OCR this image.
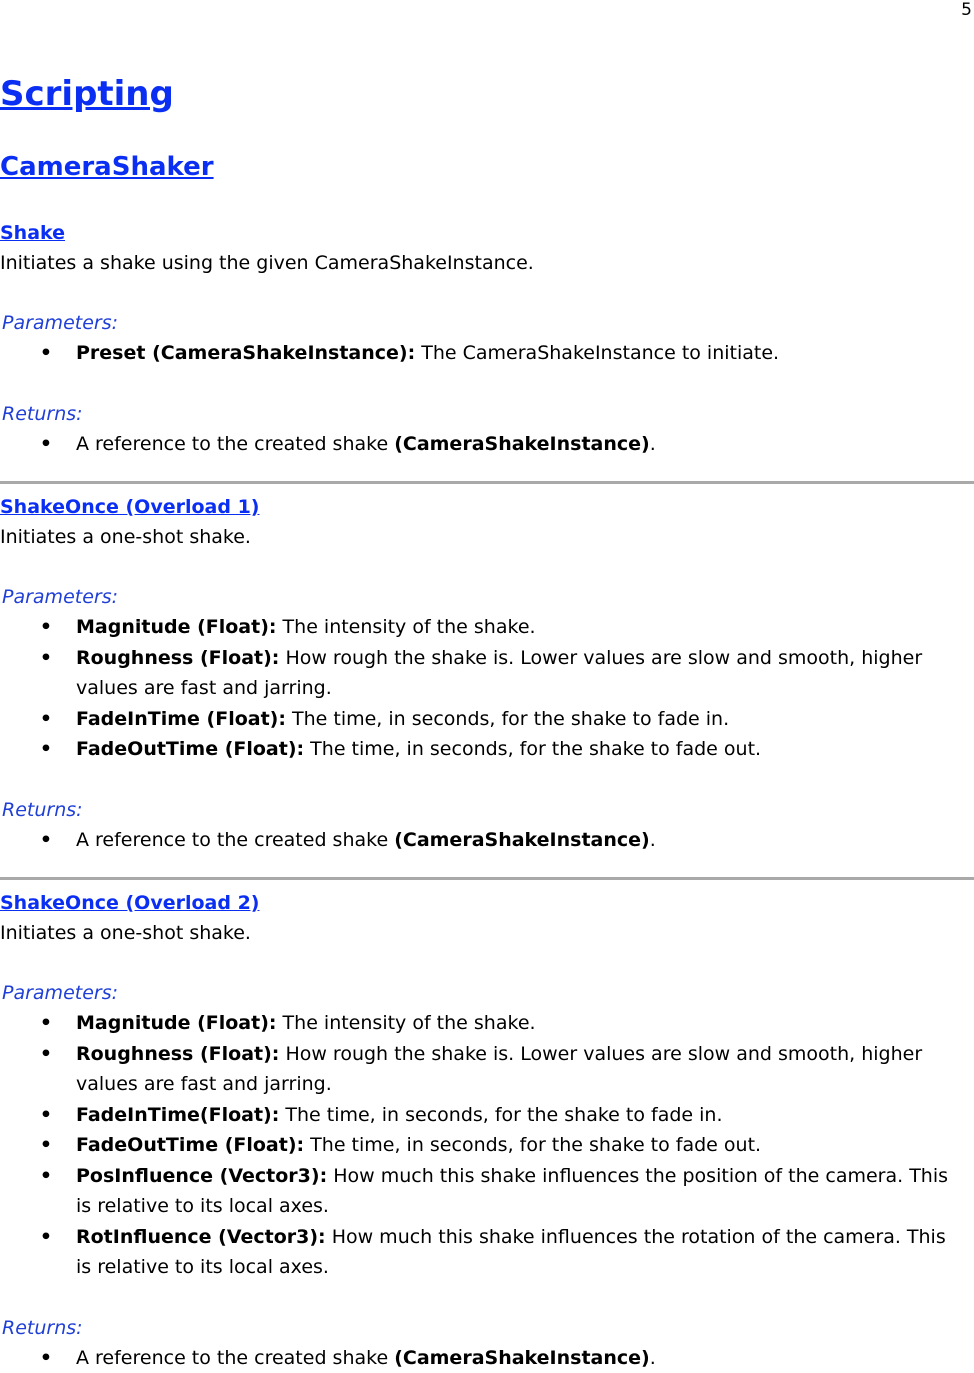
5
Scripting
CameraShaker
Shake

Initiates a shake using the given CameraShakeInstance.

Parameters:
• Preset (CameraShakeInstance): The CameraShakeInstance to initiate.
Returns:
• A reference to the created shake (CameraShakeInstance).
ShakeOnce (Overload 1)

Initiates a one-shot shake.

Parameters:
• Magnitude (Float): The intensity of the shake.
• Roughness (Float): How rough the shake is. Lower values are slow and smooth, higher values are fast and jarring.
• FadeInTime (Float): The time, in seconds, for the shake to fade in.
• FadeOutTime (Float): The time, in seconds, for the shake to fade out.
Returns:
• A reference to the created shake (CameraShakeInstance).
ShakeOnce (Overload 2)

Initiates a one-shot shake.

Parameters:
• Magnitude (Float): The intensity of the shake.
• Roughness (Float): How rough the shake is. Lower values are slow and smooth, higher values are fast and jarring.
• FadeInTime(Float): The time, in seconds, for the shake to fade in.
• FadeOutTime (Float): The time, in seconds, for the shake to fade out.
• PosInfluence (Vector3): How much this shake influences the position of the camera. This is relative to its local axes.
• RotInfluence (Vector3): How much this shake influences the rotation of the camera. This is relative to its local axes.
Returns:
• A reference to the created shake (CameraShakeInstance).
